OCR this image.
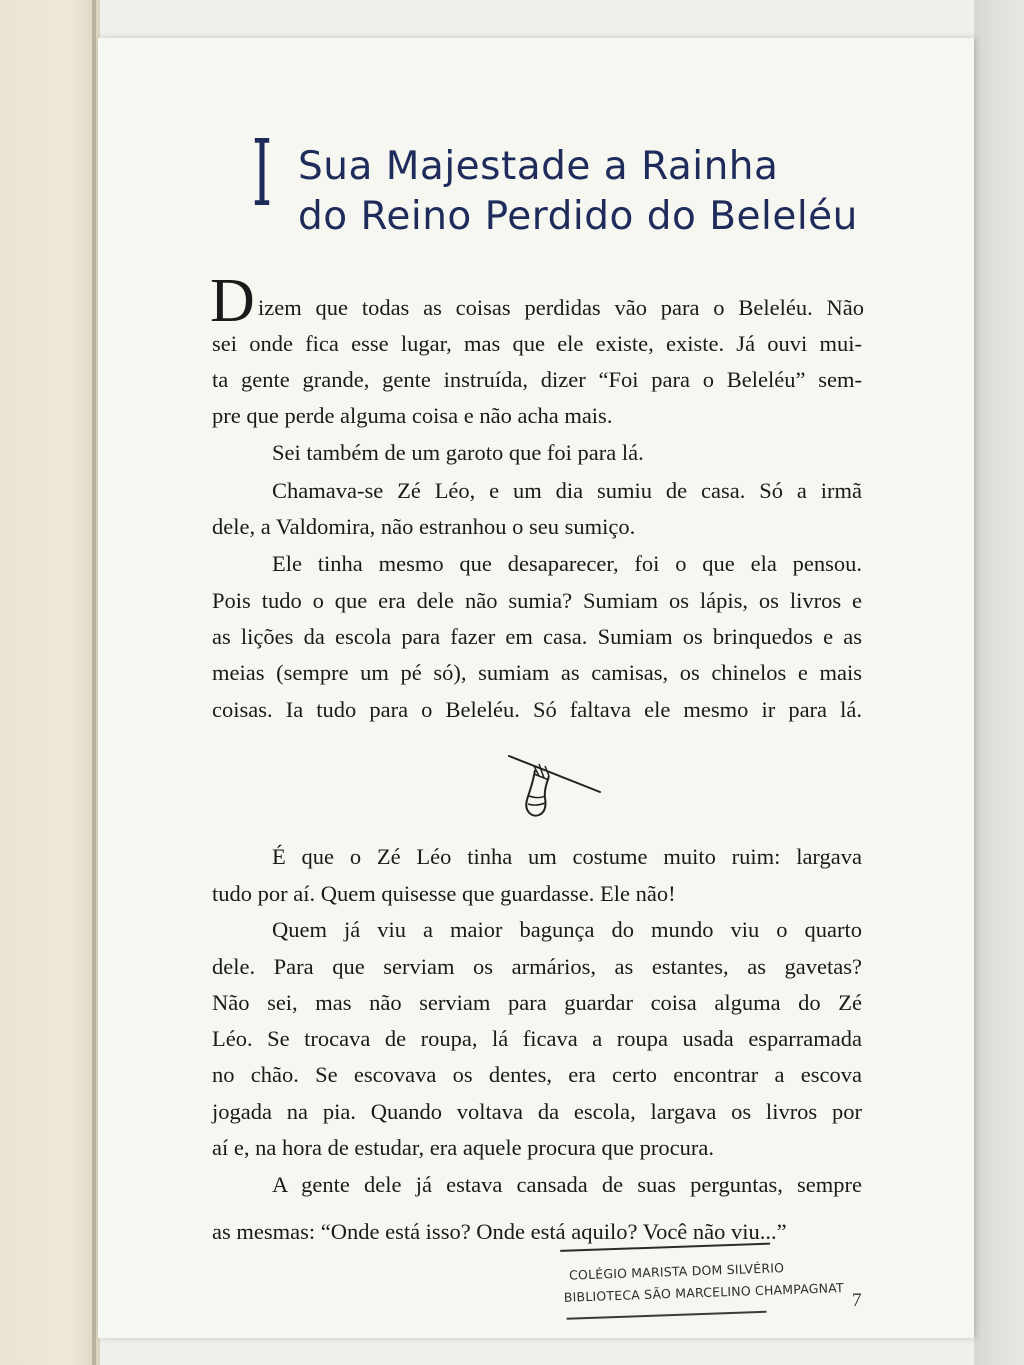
I Sua Majestade a Rainha
do Reino Perdido do Beleléu
D izem que todas as coisas perdidas vão para o Beleléu. Não
sei onde fica esse lugar, mas que ele existe, existe. Já ouvi mui-
ta gente grande, gente instruída, dizer “Foi para o Beleléu” sem-
pre que perde alguma coisa e não acha mais.
Sei também de um garoto que foi para lá.
Chamava-se Zé Léo, e um dia sumiu de casa. Só a irmã
dele, a Valdomira, não estranhou o seu sumiço.
Ele tinha mesmo que desaparecer, foi o que ela pensou.
Pois tudo o que era dele não sumia? Sumiam os lápis, os livros e
as lições da escola para fazer em casa. Sumiam os brinquedos e as
meias (sempre um pé só), sumiam as camisas, os chinelos e mais
coisas. Ia tudo para o Beleléu. Só faltava ele mesmo ir para lá.
É que o Zé Léo tinha um costume muito ruim: largava
tudo por aí. Quem quisesse que guardasse. Ele não!
Quem já viu a maior bagunça do mundo viu o quarto
dele. Para que serviam os armários, as estantes, as gavetas?
Não sei, mas não serviam para guardar coisa alguma do Zé
Léo. Se trocava de roupa, lá ficava a roupa usada esparramada
no chão. Se escovava os dentes, era certo encontrar a escova
jogada na pia. Quando voltava da escola, largava os livros por
aí e, na hora de estudar, era aquele procura que procura.
A gente dele já estava cansada de suas perguntas, sempre
as mesmas: “Onde está isso? Onde está aquilo? Você não viu...”
COLÉGIO MARISTA DOM SILVÉRIO
BIBLIOTECA SÃO MARCELINO CHAMPAGNAT 7
